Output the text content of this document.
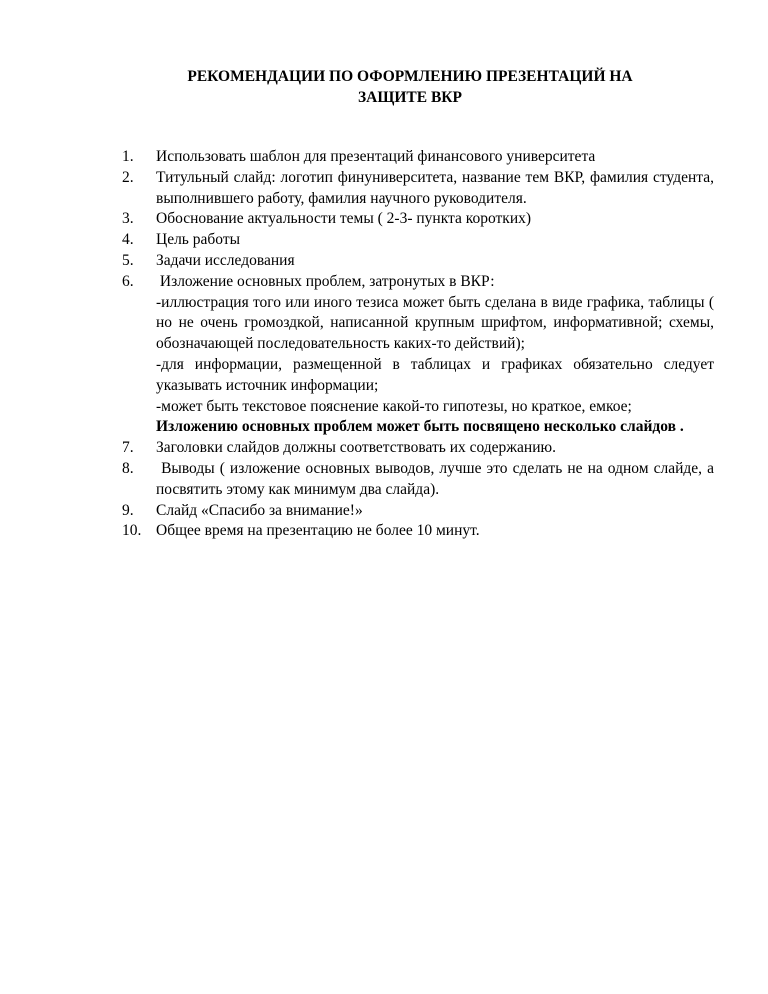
РЕКОМЕНДАЦИИ ПО ОФОРМЛЕНИЮ ПРЕЗЕНТАЦИЙ НА
ЗАЩИТЕ ВКР
1.	Использовать шаблон для презентаций финансового университета

2.	Титульный слайд: логотип финуниверситета, название тем ВКР, фамилия студента, выполнившего работу, фамилия научного руководителя.

3.	Обоснование актуальности темы ( 2-3- пункта коротких)

4.	Цель работы

5.	Задачи исследования

6.	Изложение основных проблем, затронутых в ВКР:

-иллюстрация того или иного тезиса может быть сделана в виде графика, таблицы ( но не очень громоздкой, написанной крупным шрифтом, информативной; схемы, обозначающей последовательность каких-то действий);

-для информации, размещенной в таблицах и графиках обязательно следует указывать источник информации;

-может быть текстовое пояснение какой-то гипотезы, но краткое, емкое;

Изложению основных проблем может быть посвящено несколько слайдов .

7.	Заголовки слайдов должны соответствовать их содержанию.

8.	Выводы ( изложение основных выводов, лучше это сделать не на одном слайде, а посвятить этому как минимум два слайда).

9.	Слайд «Спасибо за внимание!»

10. Общее время на презентацию не более 10 минут.
